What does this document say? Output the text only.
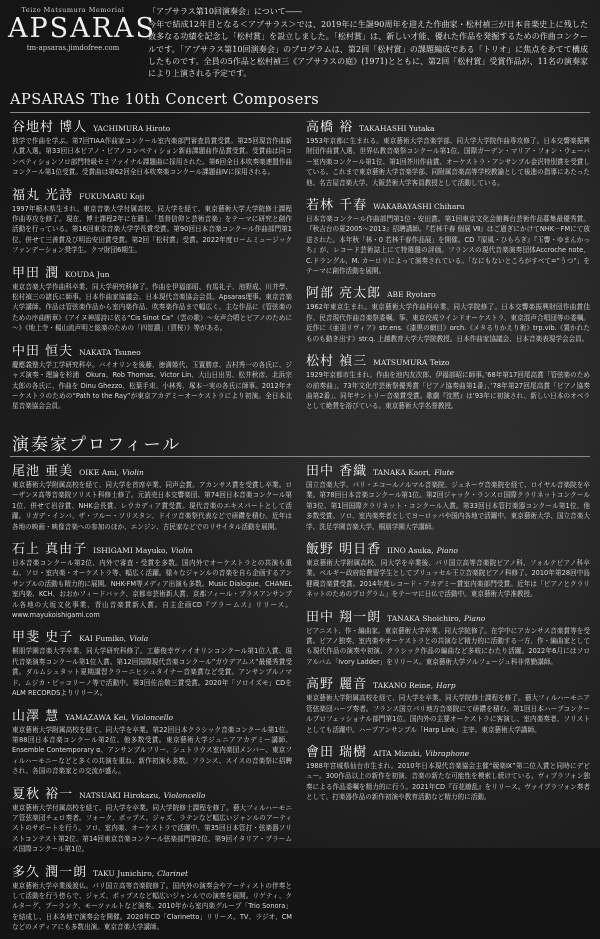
Teizo Matsumura Memorial
APSARAS
tm-apsaras.jimdofree.com
「アプサラス第10回演奏会」について――
今年で結成12年目となる＜アプサラス＞では、2019年に生誕90周年を迎えた作曲家・松村禎三が日本音楽史上に残した数多なる功績を記念し「松村賞」を設立しました。「松村賞」は、新しい才能、優れた作品を発掘するための作曲コンクールです。「アプサラス第10回演奏会」のプログラムは、第2回「松村賞」の課題編成である「トリオ」に焦点をあてて構成したものです。全員の5作品と松村禎三《アプサラスの庭》(1971)とともに、第2回「松村賞」受賞作品が、11名の演奏家により上演される予定です。
APSARAS The 10th Concert Composers
谷地村 博人 YACHIMURA Hiroto
独学で作曲を学ぶ。第7回TIAA作曲家コンクール室内楽部門審査員賞受賞。第25回現音作曲新人賞入選。第33回日本ピアノ・ピアノコンペティション新曲課題曲作品賞受賞。受賞曲は同コンペティションソロ部門特級セミファイナル課題曲に採用された。第6回全日本吹奏楽連盟作曲コンクール第1位受賞。受賞曲は第62回全日本吹奏楽コンクール課題曲Ⅳに採用される。
福丸 光詩 FUKUMARU Koji
1997年栃木県生まれ。東京音楽大学付属高校、同大学を経て、東京藝術大学大学院修士課程作曲専攻を修了。現在、博士課程2年に在籍し「基督信仰と芸術音楽」をテーマに研究と創作活動を行っている。第16回東京音楽大学学長賞受賞。第90回日本音楽コンクール作曲部門第1位、併せて三善賞及び明治安田賞受賞。第2回「松村賞」受賞。2022年度ロームミュージックファンデーション奨学生。クマ財団6期生。
甲田 潤 KOUDA Jun
東京音楽大学作曲科卒業、同大学研究科修了。作曲を伊福部昭、有馬礼子、池野成、川井學、松村禎三の諸氏に師事。日本作曲家協議会、日本現代音楽協会会員。Apsaras理事。東京音楽大学講師。作品は管弦楽作品から室内楽作品、吹奏楽作品まで幅広く、主な作品に《管弦楽のための序曲断章》《アイヌ神謡詩に依る“Cis Sinot Ca”（雲の歌）～女声合唱とピアノのために～》《地上寺・楊山流声明と総楽のための「四智讃」（賀桜）》等がある。
中田 恒夫 NAKATA Tsuneo
慶應義塾大学工学研究科卒。バイオリンを後藤、徳満姫代、玉置勝彦、吉村秀一の各氏に、ジャズ演奏・理論を杉浦　Okura、Rob Thomas、Victor Lin、大山日出男、松井秋彦、北浜宗太郎の各氏に、作曲を Dinu Ghezzo、松葉手束、小林秀、塚本一実の各氏に師事。2012年オーケストラのための“Path to the Ray”が東京アカデミーオーケストラにより初演。全日本北星音楽協会会員。
高橋 裕 TAKAHASHI Yutaka
1953年京都に生まれる。東京藝術大学音楽学部、同大学大学院作曲専攻修了。日本交響楽振興財団作曲賞入選、世界仏教音楽祭コンクール第1位、国際ガーデン・マリア・フォン・ウェーバー室内楽コンクール第1位、第1回芥川作曲賞、オーケストラ・アンサンブル金沢特別賞を受賞している。これまで東京藝術大学音楽学部、同附属音楽高等学校教諭として後進の指導にあたった他、名古屋音楽大学、大阪芸術大学客員教授として活動している。
若林 千春 WAKABAYASHI Chiharu
日本音楽コンクール作曲部門第1位・安田賞。第1回東京文化会館舞台芸術作品募集最優秀賞。『秋吉台の夏2005～2013』招聘講師。『若林千春 個展 Ⅶ』はご過ぎにかけてNHK－FMにて放送された。本年秋「林・0 若林千春作品展」を開催。CD『原風・ひもろぎ』『玉響・ゆまんかっち』が、レコード芸術誌上にて特選盤の評価。フランスの現代音楽演奏団体Accroche note、C.ドラングル、M. カーロリによって演奏されている。「なにもないところがすべて=“うつ”」をテーマに創作活動を展開。
阿部 亮太郎 ABE Ryotaro
1962年東京生まれ。東京藝術大学作曲科卒業、同大学院修了。日本交響楽振興財団作曲賞佳作、民音現代作曲音楽祭委嘱。筝、東京佼成ウインドオーケストラ、東京混声合唱団等の委嘱。近作に《亜羽リヴィア》str.ens.《漆黒の網目》orch.《メタるりかえり術》trp.vib.《置かれたものも動き出す》str.q. 上越教育大学大学院教授。日本作曲家協議会、日本音楽表現学会会員。
松村 禎三 MATSUMURA Teizo
1929年京都市生まれ。作曲を池内友次郎、伊福部昭に師事。’68年第17回尾高賞「管弦楽のための前奏曲」、73年文化庁芸術祭優秀賞「ピアノ協奏曲第1番」、’78年第27回尾高賞「ピアノ協奏曲第2番」、同年サントリー音楽賞受賞。歌劇『沈黙』は’93年に初演され、新しい日本のオペラとして絶賛を浴びている。東京藝術大学名誉教授。
演奏家プロフィール
尾池 亜美 OIKE Ami, Violin
東京藝術大学附属高校を経て、同大学を首席卒業、同声会賞。アカンサス賞を受賞し卒業。ローザンヌ高等音楽院ソリスト科修士修了。元読売日本交響楽団、第74回日本音楽コンクール第1位、併せて岩谷賞、NHK会長賞、レウカディア賞受賞。現代音楽のエキスパートとして活躍。リガデ・インバ、ザ・フルー・ソリスタン、ドイツ音楽祭代表などで研鑽を積む。近年は各地の映画・映像音楽への参加のほか、エンジン、古民家などでのリサイタル活動を展開。
石上 真由子 ISHIGAMI Mayuko, Violin
日本音楽コンクール第2位、内外で審査・受賞を多数。国内外でオーケストラとの共演も重ね、ソロ・室内楽・オーケストラ等、幅広く活躍。様々なジャンルの音楽を自ら企画するアンサンブルの活動も精力的に展開。NHK-FM等メディア出演も多数。Music Dialogue、CHANEL室内楽、KCH、おおかフィードバック、京都市芸術新人賞、京都フィール・ブラスアンサンブル各地の大坂文化事業、青山音楽賞新人賞。自主企画CD『ブラームス』リリース。www.mayukoishigami.com
甲斐 史子 KAI Fumiko, Viola
桐朋学園音楽大学卒業、同大学研究科修了。工藤俊幸ヴァイオリンコンクール第1位入賞、現代音楽演奏コンクール第1位入賞、第12回国際現代音楽コンクール”ガウデアムス”最優秀賞受賞。ダルムシュタット夏期講習クラーニヒシュタイナー音楽賞など受賞。アンサンブルノマド、ムジカ・ピッコリーノ等で活動中。第3回佐治敬三賞受賞。2020年「ソロイズモ」CDをALM RECORDSよりリリース。
山澤 慧 YAMAZAWA Kei, Violoncello
東京藝術大学附属高校を経て、同大学を卒業。第22回日本クラシック音楽コンクール第1位。第88回日本音楽コンクール第2位、他多数受賞。東京藝術大学ジュニアアカデミー講師、Ensemble Contemporary α、アンサンブルフリー、シュトラウス室内楽団メンバー、東京フィルハーモニーなどと多くの共演を重ね、新作初演も多数。フランス、スイスの音楽祭に招聘され、各国の音楽家との交流が盛ん。
夏秋 裕一 NATSUAKI Hirokazu, Violoncello
東京藝術大学付属高校を経て、同大学を卒業。同大学院修士課程を修了。藝大フィルハーモニア管弦楽団チェロ奏者。フォーク、ポップス、ジャズ、ラテンなど幅広いジャンルのアーティストのサポートを行う。ソロ、室内楽、オーケストラで活躍中。第35回日本管打・弦楽器ソリストコンテスト第2位、第14回東京音楽コンクール弦楽部門第2位、第9回イタリア・ブラームス国際コンクール第1位。
多久 潤一朗 TAKU Junichiro, Clarinet
東京藝術大学卒業後渡仏。パリ国立高等音楽院修了。国内外の演奏会やアーティストの伴奏として活動を行う傍らで、ジャズ、ポップスなど幅広いジャンルでの演奏を展開。リゲティ、クルターグ、プーランク、モーツァルトなど演奏。2010年から室内楽グループ「Trio Sonora」を結成し、日本各地で演奏会を開催。2020年CD「Clarinetto」リリース。TV、ラジオ、CMなどのメディアにも多数出演。東京音楽大学講師。
田中 香織 TANAKA Kaori, Flute
国立音楽大学、パリ・エコールノルマル音楽院、ジュネーヴ音楽院を経て、ロイヤル音楽院を卒業。第78回日本音楽コンクール第1位。第2回ジャック・ランスロ国際クラリネットコンクール第3位、第1回国際クラリネット・コンクール入賞。第33回日本管打楽器コンクール第1位、他多数受賞。ソロ、室内楽奏者としてヨーロッパや国内各地で活躍中。東京藝術大学、国立音楽大学、洗足学園音楽大学、桐朋学園大学講師。
飯野 明日香 IINO Asuka, Piano
東京藝術大学附属高校、同大学を卒業後、パリ国立高等音楽院ピアノ科、フォルテピアノ科卒業。ベルギー政府給費留学生としてブリュッセル王立音楽院ピアノ科修了。2010年第28回中島健蔵音楽賞受賞。2014年度レコード・アカデミー賞室内楽部門受賞。近年は「ピアノとクラリネットのためのプログラム」をテーマに日仏で活動中。東京藝術大学准教授。
田中 翔一朗 TANAKA Shoichiro, Piano
ピアニスト、作・編曲家。東京藝術大学卒業、同大学院修了。在学中にアカンサス音楽賞等を受賞。ピアノ独奏、室内楽やオーケストラとの共演など精力的に活動する一方、作・編曲家としても現代作品の演奏や初演、クラシック作品の編曲など多岐にわたり活躍。2022年6月にはソロアルバム「Ivory Ladder」をリリース。東京藝術大学ソルフェージュ科非常勤講師。
高野 麗音 TAKANO Reine, Harp
東京藝術大学附属高校を経て、同大学を卒業。同大学院修士課程を修了。藝大フィルハーモニア管弦楽団ハープ奏者。フランス国立パリ地方音楽院にて研鑽を積む。第1回日本ハープコンクールプロフェッショナル部門第1位。国内外の主要オーケストラに客演し、室内楽奏者、ソリストとしても活躍中。ハープアンサンブル「Harp Link」主宰。東京藝術大学講師。
會田 瑞樹 AITA Mizuki, Vibraphone
1988年宮城県仙台市生まれ。2010年日本現代音楽協会主催“競楽Ⅸ”第二位入賞と同時にデビュー。300作品以上の新作を初演、音楽の新たな可能性を模索し続けている。ヴィブラフォン独奏による作品委嘱を精力的に行う。2021年CD『百花繚乱』をリリース。ヴァイブラフォン奏者として、打楽器作品の新作初演や教育活動など精力的に活動。
